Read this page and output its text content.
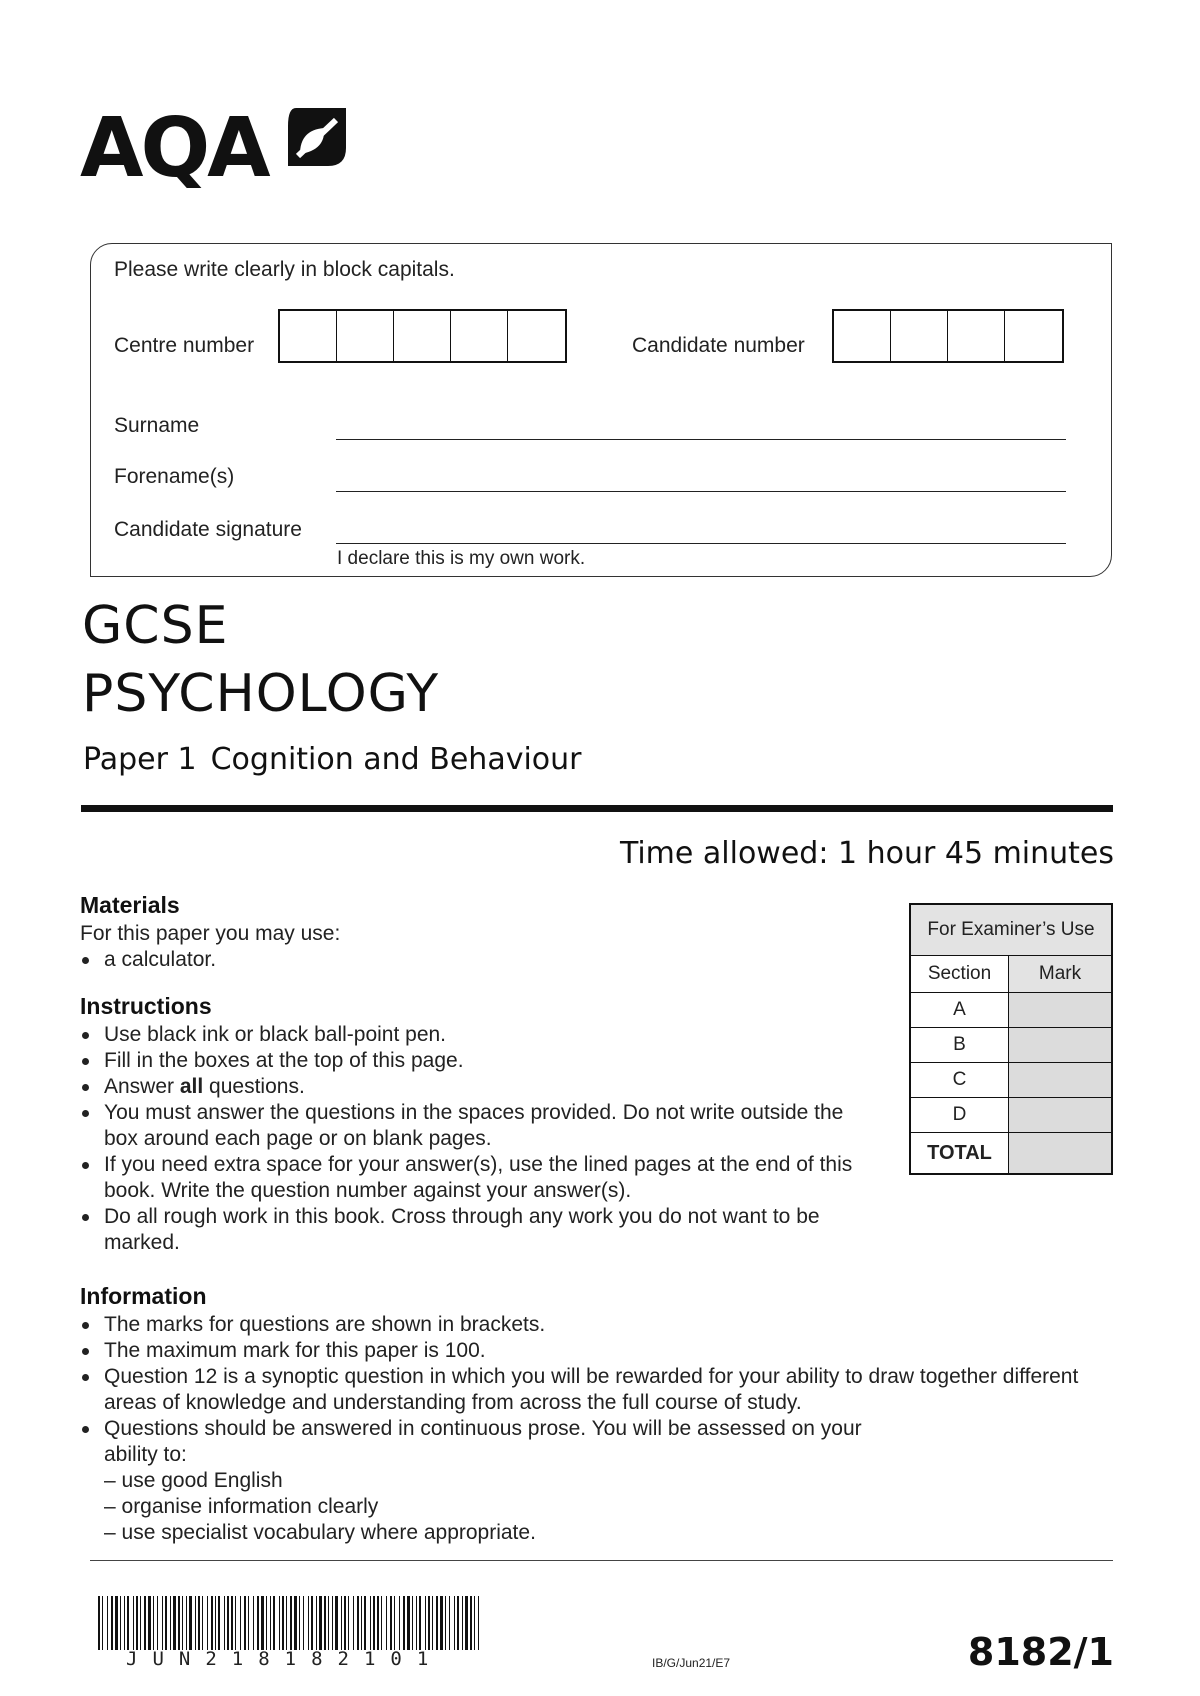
AQA
Please write clearly in block capitals.
Centre number	Candidate number
Surname
Forename(s)
Candidate signature
I declare this is my own work.
GCSE
PSYCHOLOGY
Paper 1 Cognition and Behaviour
Time allowed: 1 hour 45 minutes
Materials
For this paper you may use:
a calculator.
Instructions
Use black ink or black ball-point pen.
Fill in the boxes at the top of this page.
Answer all questions.
You must answer the questions in the spaces provided. Do not write outside the box around each page or on blank pages.
If you need extra space for your answer(s), use the lined pages at the end of this book. Write the question number against your answer(s).
Do all rough work in this book. Cross through any work you do not want to be marked.
Information
The marks for questions are shown in brackets.
The maximum mark for this paper is 100.
Question 12 is a synoptic question in which you will be rewarded for your ability to draw together different areas of knowledge and understanding from across the full course of study.
Questions should be answered in continuous prose. You will be assessed on your ability to:
– use good English
– organise information clearly
– use specialist vocabulary where appropriate.
For Examiner’s Use
Section	Mark
A
B
C
D
TOTAL
JUN218182101	IB/G/Jun21/E7	8182/1
